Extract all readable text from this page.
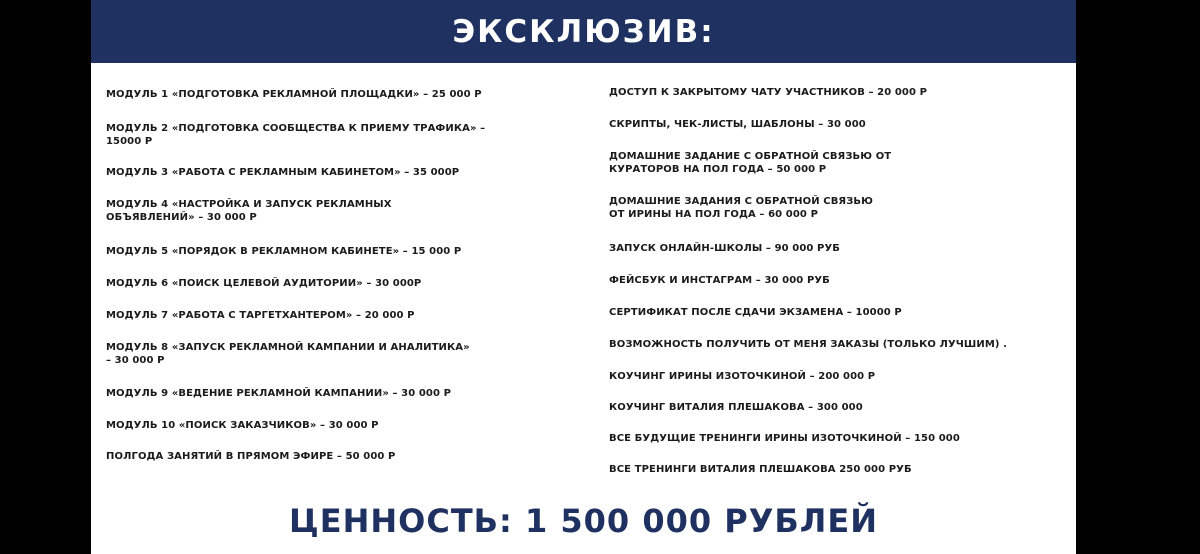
ЭКСКЛЮЗИВ:
МОДУЛЬ 1 «ПОДГОТОВКА РЕКЛАМНОЙ ПЛОЩАДКИ» – 25 000 Р
МОДУЛЬ 2 «ПОДГОТОВКА СООБЩЕСТВА К ПРИЕМУ ТРАФИКА» –
15000 Р
МОДУЛЬ 3 «РАБОТА С РЕКЛАМНЫМ КАБИНЕТОМ» – 35 000Р
МОДУЛЬ 4 «НАСТРОЙКА И ЗАПУСК РЕКЛАМНЫХ
ОБЪЯВЛЕНИЙ» – 30 000 Р
МОДУЛЬ 5 «ПОРЯДОК В РЕКЛАМНОМ КАБИНЕТЕ» – 15 000 Р
МОДУЛЬ 6 «ПОИСК ЦЕЛЕВОЙ АУДИТОРИИ» – 30 000Р
МОДУЛЬ 7 «РАБОТА С ТАРГЕТХАНТЕРОМ» – 20 000 Р
МОДУЛЬ 8 «ЗАПУСК РЕКЛАМНОЙ КАМПАНИИ И АНАЛИТИКА»
– 30 000 Р
МОДУЛЬ 9 «ВЕДЕНИЕ РЕКЛАМНОЙ КАМПАНИИ» – 30 000 Р
МОДУЛЬ 10 «ПОИСК ЗАКАЗЧИКОВ» – 30 000 Р
ПОЛГОДА ЗАНЯТИЙ В ПРЯМОМ ЭФИРЕ – 50 000 Р
ДОСТУП К ЗАКРЫТОМУ ЧАТУ УЧАСТНИКОВ – 20 000 Р
СКРИПТЫ, ЧЕК-ЛИСТЫ, ШАБЛОНЫ – 30 000
ДОМАШНИЕ ЗАДАНИЕ С ОБРАТНОЙ СВЯЗЬЮ ОТ
КУРАТОРОВ НА ПОЛ ГОДА – 50 000 Р
ДОМАШНИЕ ЗАДАНИЯ С ОБРАТНОЙ СВЯЗЬЮ
ОТ ИРИНЫ НА ПОЛ ГОДА – 60 000 Р
ЗАПУСК ОНЛАЙН-ШКОЛЫ – 90 000 РУБ
ФЕЙСБУК И ИНСТАГРАМ – 30 000 РУБ
СЕРТИФИКАТ ПОСЛЕ СДАЧИ ЭКЗАМЕНА – 10000 Р
ВОЗМОЖНОСТЬ ПОЛУЧИТЬ ОТ МЕНЯ ЗАКАЗЫ (ТОЛЬКО ЛУЧШИМ) .
КОУЧИНГ ИРИНЫ ИЗОТОЧКИНОЙ – 200 000 Р
КОУЧИНГ ВИТАЛИЯ ПЛЕШАКОВА – 300 000
ВСЕ БУДУЩИЕ ТРЕНИНГИ ИРИНЫ ИЗОТОЧКИНОЙ – 150 000
ВСЕ ТРЕНИНГИ ВИТАЛИЯ ПЛЕШАКОВА 250 000 РУБ
ЦЕННОСТЬ: 1 500 000 РУБЛЕЙ
